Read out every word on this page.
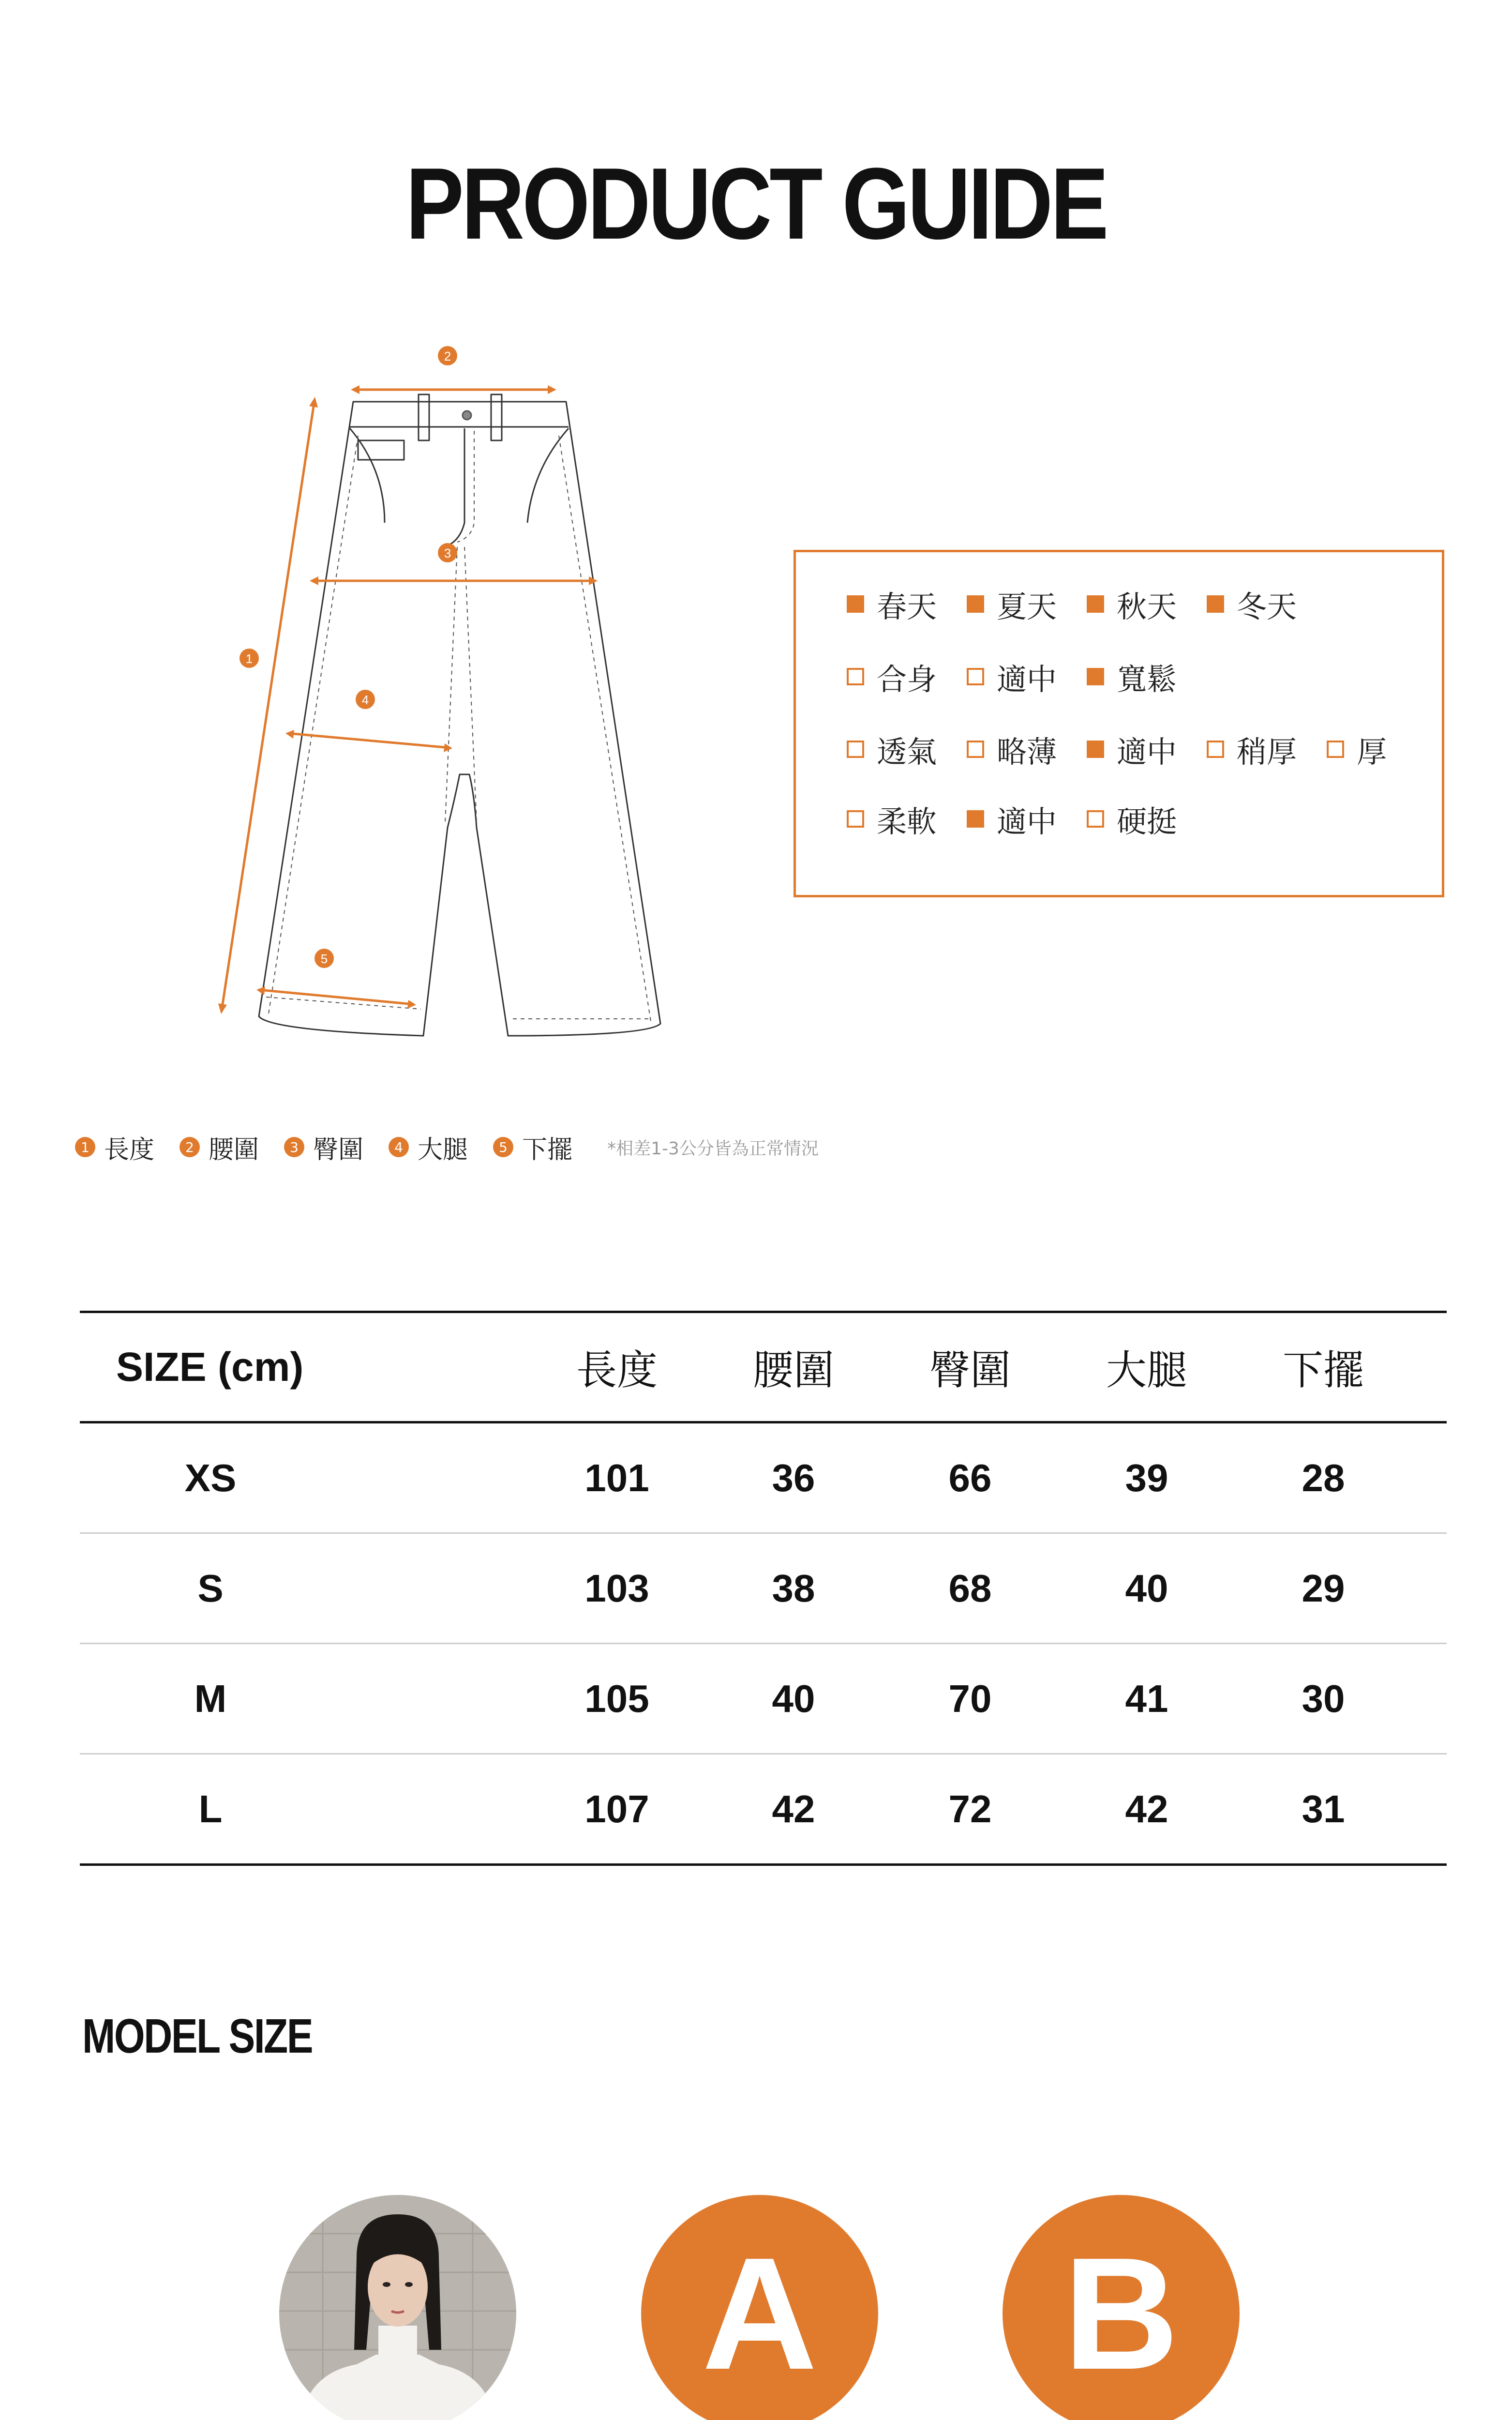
PRODUCT GUIDE
2
3
1
4
5
春天 夏天 秋天 冬天
合身 適中 寬鬆
透氣 略薄 適中 稍厚 厚
柔軟 適中 硬挺
1 長度	2 腰圍	3 臀圍	4 大腿	5 下擺 *相差1-3公分皆為正常情況
SIZE (cm)	長度	腰圍	臀圍	大腿	下擺
XS	101	36	66	39	28
S	103	38	68	40	29
M	105	40	70	41	30
L	107	42	72	42	31
MODEL SIZE
A	B
